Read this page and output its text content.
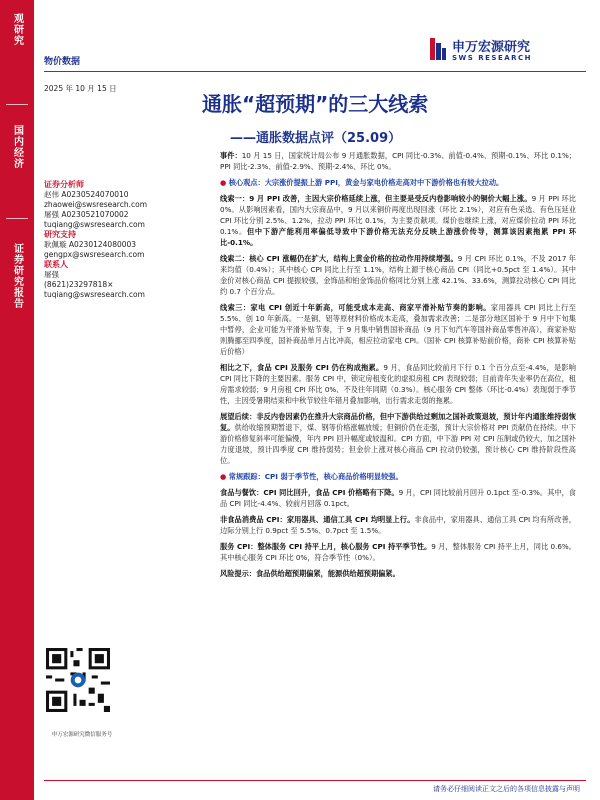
观研究
国内经济
证券研究报告
申万宏源研究
SWS RESEARCH
物价数据
2025 年 10 月 15 日
通胀“超预期”的三大线索
——通胀数据点评（25.09）
证券分析师
赵伟 A0230524070010
zhaowei@swsresearch.com
屠强 A0230521070002
tuqiang@swsresearch.com
研究支持
耿佩璇 A0230124080003
gengpx@swsresearch.com
联系人
屠强
(8621)23297818×
tuqiang@swsresearch.com
申万宏源研究微信服务号

事件：10 月 15 日，国家统计局公布 9 月通胀数据，CPI 同比-0.3%、前值-0.4%、预期-0.1%、环比 0.1%；PPI 同比-2.3%、前值-2.9%、预期-2.4%、环比 0%。

● 核心观点：大宗涨价提振上游 PPI，黄金与家电价格走高对中下游价格也有较大拉动。

线索一：9 月 PPI 改善，主因大宗价格延续上涨，但主要是受反内卷影响较小的铜价大幅上涨。9 月 PPI 环比 0%。从影响因素看，国内大宗商品中，9 月以来铜价再度出现回涨（环比 2.1%），对应有色采选、有色压延业 CPI 环比分别 2.5%、1.2%，拉动 PPI 环比 0.1%，为主要贡献项。煤价也继续上涨，对应煤价拉动 PPI 环比 0.1%。但中下游产能利用率偏低导致中下游价格无法充分反映上游涨价传导，测算该因素拖累 PPI 环比-0.1%。

线索二：核心 CPI 涨幅仍在扩大，结构上黄金价格的拉动作用持续增强。9 月 CPI 环比 0.1%，不及 2017 年来均值（0.4%）；其中核心 CPI 同比上行至 1.1%，结构上源于核心商品 CPI（同比+0.5pct 至 1.4%）。其中金价对核心商品 CPI 提振较强，金饰品和铂金饰品价格同比分别上涨 42.1%、33.6%，测算拉动核心 CPI 同比约 0.7 个百分点。

线索三：家电 CPI 创近十年新高，可能受成本走高、商家平滑补贴节奏的影响。家用器具 CPI 同比上行至 5.5%、创 10 年新高。一是铜、铝等原材料价格成本走高，叠加需求改善；二是部分地区国补于 9 月中下旬集中暂停，企业可能为平滑补贴节奏，于 9 月集中销售国补商品（9 月下旬汽车等国补商品零售冲高），商家补贴则腾挪至四季度，国补商品单月占比冲高，相应拉动家电 CPI。（国补 CPI 核算补贴前价格，商补 CPI 核算补贴后价格）

相比之下，食品 CPI 及服务 CPI 仍在构成拖累。9 月，食品同比较前月下行 0.1 个百分点至-4.4%，是影响 CPI 同比下降的主要因素。服务 CPI 中，锁定房租变化的虚拟房租 CPI 表现较弱；目前青年失业率仍在高位，租房需求较弱；9 月房租 CPI 环比 0%、不及往年同期（0.3%）。核心服务 CPI 整体（环比-0.4%）表现弱于季节性，主因受暑期结束和中秋节较往年错月叠加影响，出行需求走弱的拖累。

展望后续：非反内卷因素仍在推升大宗商品价格，但中下游供给过剩加之国补政策退坡，预计年内通胀维持弱恢复。供给收缩预期暂退下，煤、钢等价格涨幅放缓；但铜价仍在走强，预计大宗价格对 PPI 贡献仍在持续。中下游价格修复斜率可能偏慢，年内 PPI 回升幅度或较温和。CPI 方面，中下游 PPI 对 CPI 压制或仍较大，加之国补力度退坡，预计四季度 CPI 维持弱势；但金价上涨对核心商品 CPI 拉动仍较强，预计核心 CPI 维持阶段性高位。

● 常规跟踪：CPI 弱于季节性，核心商品价格明显较强。

食品与餐饮：CPI 同比回升，食品 CPI 价格略有下降。9 月，CPI 同比较前月回升 0.1pct 至-0.3%。其中，食品 CPI 同比-4.4%、较前月回落 0.1pct。

非食品消费品 CPI：家用器具、通信工具 CPI 均明显上行。非食品中，家用器具、通信工具 CPI 均有所改善，边际分别上行 0.9pct 至 5.5%、0.7pct 至 1.5%。

服务 CPI：整体服务 CPI 持平上月，核心服务 CPI 持平季节性。9 月，整体服务 CPI 持平上月，同比 0.6%。其中核心服务 CPI 环比 0%，符合季节性（0%）。

风险提示：食品供给超预期偏紧，能源供给超预期偏紧。

请务必仔细阅读正文之后的各项信息披露与声明
